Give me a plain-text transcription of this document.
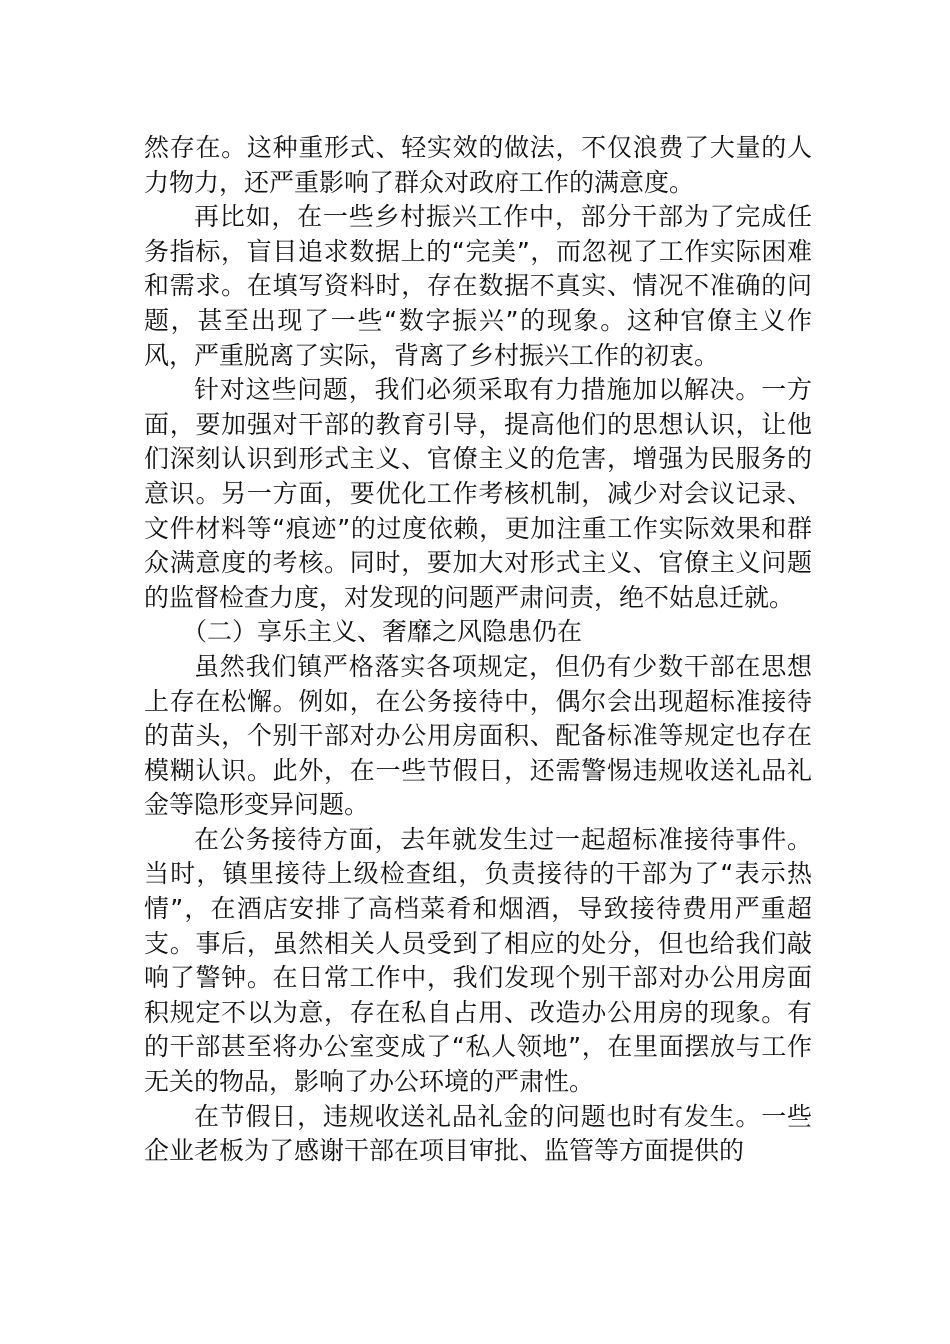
然存在。这种重形式、轻实效的做法，不仅浪费了大量的人力物力，还严重影响了群众对政府工作的满意度。

再比如，在一些乡村振兴工作中，部分干部为了完成任务指标，盲目追求数据上的“完美”，而忽视了工作实际困难和需求。在填写资料时，存在数据不真实、情况不准确的问题，甚至出现了一些“数字振兴”的现象。这种官僚主义作风，严重脱离了实际，背离了乡村振兴工作的初衷。

针对这些问题，我们必须采取有力措施加以解决。一方面，要加强对干部的教育引导，提高他们的思想认识，让他们深刻认识到形式主义、官僚主义的危害，增强为民服务的意识。另一方面，要优化工作考核机制，减少对会议记录、文件材料等“痕迹”的过度依赖，更加注重工作实际效果和群众满意度的考核。同时，要加大对形式主义、官僚主义问题的监督检查力度，对发现的问题严肃问责，绝不姑息迁就。

（二）享乐主义、奢靡之风隐患仍在

虽然我们镇严格落实各项规定，但仍有少数干部在思想上存在松懈。例如，在公务接待中，偶尔会出现超标准接待的苗头，个别干部对办公用房面积、配备标准等规定也存在模糊认识。此外，在一些节假日，还需警惕违规收送礼品礼金等隐形变异问题。

在公务接待方面，去年就发生过一起超标准接待事件。当时，镇里接待上级检查组，负责接待的干部为了“表示热情”，在酒店安排了高档菜肴和烟酒，导致接待费用严重超支。事后，虽然相关人员受到了相应的处分，但也给我们敲响了警钟。在日常工作中，我们发现个别干部对办公用房面积规定不以为意，存在私自占用、改造办公用房的现象。有的干部甚至将办公室变成了“私人领地”，在里面摆放与工作无关的物品，影响了办公环境的严肃性。

在节假日，违规收送礼品礼金的问题也时有发生。一些企业老板为了感谢干部在项目审批、监管等方面提供的
